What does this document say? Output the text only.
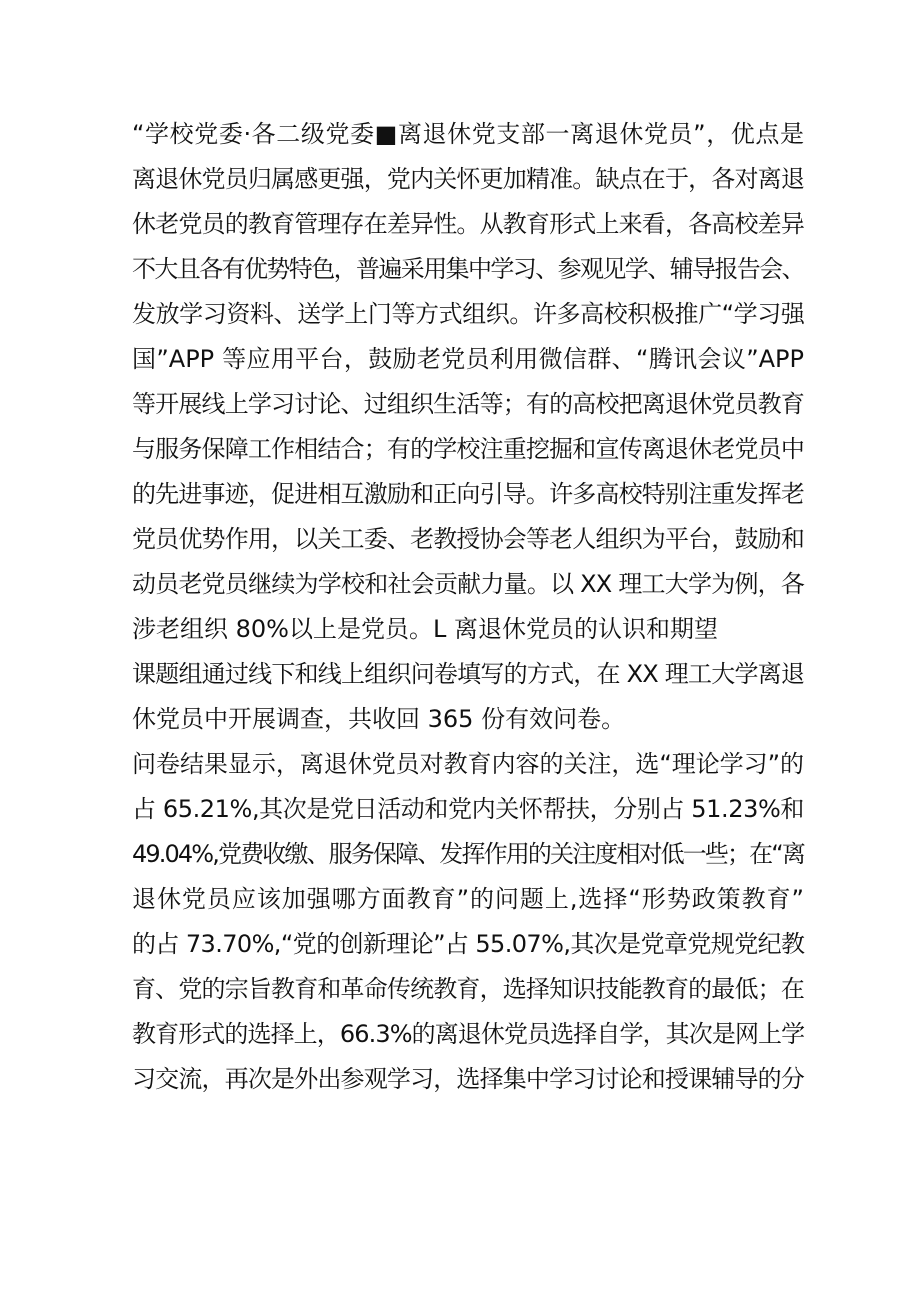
“学校党委·各二级党委■离退休党支部一离退休党员”，优点是
离退休党员归属感更强，党内关怀更加精准。缺点在于，各对离退
休老党员的教育管理存在差异性。从教育形式上来看，各高校差异
不大且各有优势特色，普遍采用集中学习、参观见学、辅导报告会、
发放学习资料、送学上门等方式组织。许多高校积极推广“学习强
国”APP 等应用平台，鼓励老党员利用微信群、“腾讯会议”APP
等开展线上学习讨论、过组织生活等；有的高校把离退休党员教育
与服务保障工作相结合；有的学校注重挖掘和宣传离退休老党员中
的先进事迹，促进相互激励和正向引导。许多高校特别注重发挥老
党员优势作用，以关工委、老教授协会等老人组织为平台，鼓励和
动员老党员继续为学校和社会贡献力量。以 XX 理工大学为例，各
涉老组织 80%以上是党员。L 离退休党员的认识和期望
课题组通过线下和线上组织问卷填写的方式，在 XX 理工大学离退
休党员中开展调查，共收回 365 份有效问卷。
问卷结果显示，离退休党员对教育内容的关注，选“理论学习”的
占 65.21%,其次是党日活动和党内关怀帮扶，分别占 51.23%和
49.04%,党费收缴、服务保障、发挥作用的关注度相对低一些；在“离
退休党员应该加强哪方面教育”的问题上,选择“形势政策教育”
的占 73.70%,“党的创新理论”占 55.07%,其次是党章党规党纪教
育、党的宗旨教育和革命传统教育，选择知识技能教育的最低；在
教育形式的选择上，66.3%的离退休党员选择自学，其次是网上学
习交流，再次是外出参观学习，选择集中学习讨论和授课辅导的分
